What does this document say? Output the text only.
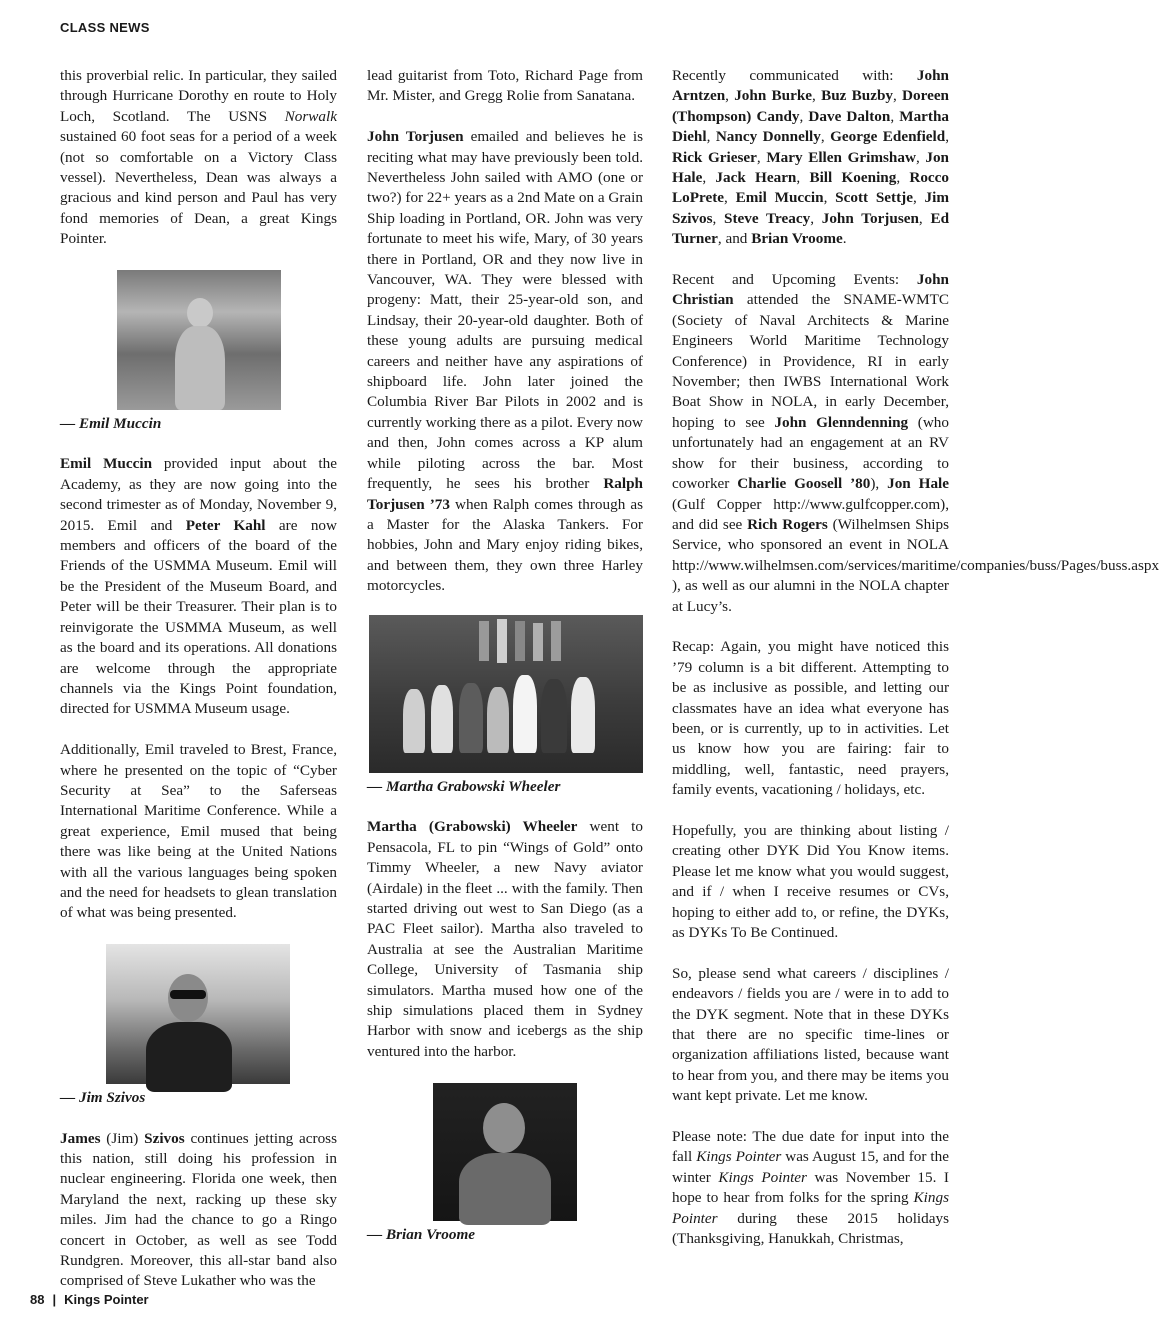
CLASS NEWS

this proverbial relic. In particular, they sailed through Hurricane Dorothy en route to Holy Loch, Scotland. The USNS Norwalk sustained 60 foot seas for a period of a week (not so comfortable on a Victory Class vessel). Nevertheless, Dean was always a gracious and kind person and Paul has very fond memories of Dean, a great Kings Pointer.

— Emil Muccin

Emil Muccin provided input about the Academy, as they are now going into the second trimester as of Monday, November 9, 2015. Emil and Peter Kahl are now members and officers of the board of the Friends of the USMMA Museum. Emil will be the President of the Museum Board, and Peter will be their Treasurer. Their plan is to reinvigorate the USMMA Museum, as well as the board and its operations. All donations are welcome through the appropriate channels via the Kings Point foundation, directed for USMMA Museum usage.

Additionally, Emil traveled to Brest, France, where he presented on the topic of “Cyber Security at Sea” to the Saferseas International Maritime Conference. While a great experience, Emil mused that being there was like being at the United Nations with all the various languages being spoken and the need for headsets to glean translation of what was being presented.

— Jim Szivos

James (Jim) Szivos continues jetting across this nation, still doing his profession in nuclear engineering. Florida one week, then Maryland the next, racking up these sky miles. Jim had the chance to go a Ringo concert in October, as well as see Todd Rundgren. Moreover, this all-star band also comprised of Steve Lukather who was the

lead guitarist from Toto, Richard Page from Mr. Mister, and Gregg Rolie from Sanatana.

John Torjusen emailed and believes he is reciting what may have previously been told. Nevertheless John sailed with AMO (one or two?) for 22+ years as a 2nd Mate on a Grain Ship loading in Portland, OR. John was very fortunate to meet his wife, Mary, of 30 years there in Portland, OR and they now live in Vancouver, WA. They were blessed with progeny: Matt, their 25-year-old son, and Lindsay, their 20-year-old daughter. Both of these young adults are pursuing medical careers and neither have any aspirations of shipboard life. John later joined the Columbia River Bar Pilots in 2002 and is currently working there as a pilot. Every now and then, John comes across a KP alum while piloting across the bar. Most frequently, he sees his brother Ralph Torjusen ’73 when Ralph comes through as a Master for the Alaska Tankers. For hobbies, John and Mary enjoy riding bikes, and between them, they own three Harley motorcycles.

— Martha Grabowski Wheeler

Martha (Grabowski) Wheeler went to Pensacola, FL to pin “Wings of Gold” onto Timmy Wheeler, a new Navy aviator (Airdale) in the fleet ... with the family. Then started driving out west to San Diego (as a PAC Fleet sailor). Martha also traveled to Australia at see the Australian Maritime College, University of Tasmania ship simulators. Martha mused how one of the ship simulations placed them in Sydney Harbor with snow and icebergs as the ship ventured into the harbor.

— Brian Vroome

Recently communicated with: John Arntzen, John Burke, Buz Buzby, Doreen (Thompson) Candy, Dave Dalton, Martha Diehl, Nancy Donnelly, George Edenfield, Rick Grieser, Mary Ellen Grimshaw, Jon Hale, Jack Hearn, Bill Koening, Rocco LoPrete, Emil Muccin, Scott Settje, Jim Szivos, Steve Treacy, John Torjusen, Ed Turner, and Brian Vroome.

Recent and Upcoming Events: John Christian attended the SNAME-WMTC (Society of Naval Architects & Marine Engineers World Maritime Technology Conference) in Providence, RI in early November; then IWBS International Work Boat Show in NOLA, in early December, hoping to see John Glenndenning (who unfortunately had an engagement at an RV show for their business, according to coworker Charlie Goosell ’80), Jon Hale (Gulf Copper http://www.gulfcopper.com), and did see Rich Rogers (Wilhelmsen Ships Service, who sponsored an event in NOLA http://www.wilhelmsen.com/services/maritime/companies/buss/Pages/buss.aspx ), as well as our alumni in the NOLA chapter at Lucy’s.

Recap: Again, you might have noticed this ’79 column is a bit different. Attempting to be as inclusive as possible, and letting our classmates have an idea what everyone has been, or is currently, up to in activities. Let us know how you are fairing: fair to middling, well, fantastic, need prayers, family events, vacationing / holidays, etc.

Hopefully, you are thinking about listing / creating other DYK Did You Know items. Please let me know what you would suggest, and if / when I receive resumes or CVs, hoping to either add to, or refine, the DYKs, as DYKs To Be Continued.

So, please send what careers / disciplines / endeavors / fields you are / were in to add to the DYK segment. Note that in these DYKs that there are no specific time-lines or organization affiliations listed, because want to hear from you, and there may be items you want kept private. Let me know.

Please note: The due date for input into the fall Kings Pointer was August 15, and for the winter Kings Pointer was November 15. I hope to hear from folks for the spring Kings Pointer during these 2015 holidays (Thanksgiving, Hanukkah, Christmas,

88 | Kings Pointer
